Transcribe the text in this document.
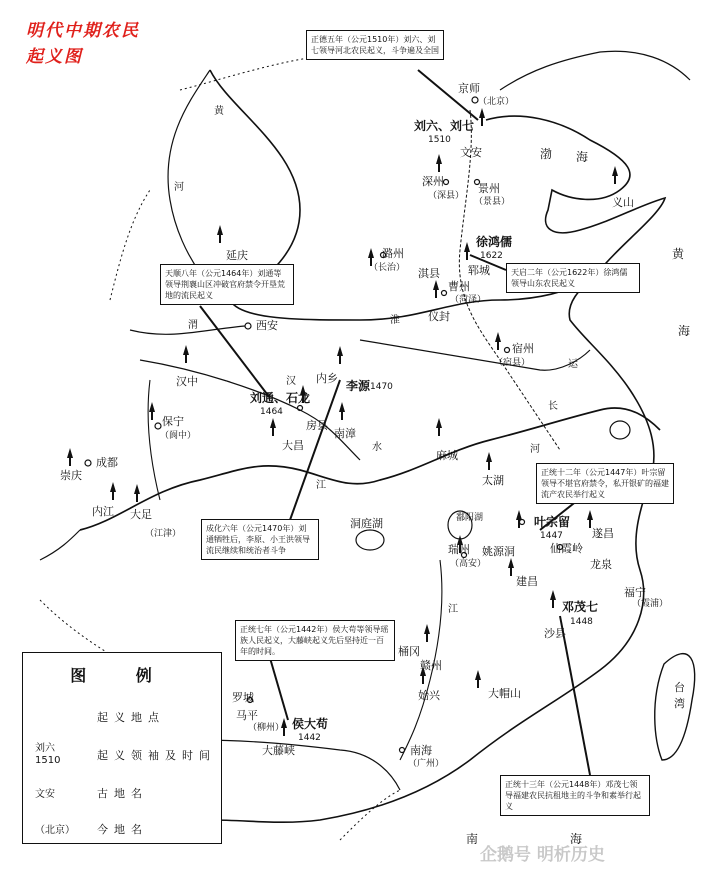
明代中期农民
起义图
正德五年（公元1510年）刘六、刘七领导河北农民起义，斗争遍及全国
天顺八年（公元1464年）刘通等领导荆襄山区冲破官府禁令开垦荒地的流民起义
天启二年（公元1622年）徐鸿儒领导山东农民起义
正统十二年（公元1447年）叶宗留领导不堪官府禁令，私开银矿的福建流产农民举行起义
成化六年（公元1470年）刘通牺牲后，李原、小王洪领导流民继续和统治者斗争
正统七年（公元1442年）侯大苟等领导瑶族人民起义，大藤峡起义先后坚持近一百年的时间。
正统十三年（公元1448年）邓茂七领导福建农民抗租地主的斗争和素举行起义
刘六、刘七
1510
徐鸿儒
1622
李源 1470
刘通、石龙
1464
叶宗留
1447
邓茂七
1448
侯大苟
1442
京师
（北京）
文安
深州
（深县）
景州
（景县）	义山
延庆	潞州
（长治） 淇县
曹州
（菏泽）
郓城
仪封
宿州
（宿县）
西安
内乡
汉中
房县
南漳
大昌
保宁
（阆中）
成都
崇庆
内江 大足
（江津）
麻城
太湖
仙霞岭
遂昌
龙泉
瑞州
（高安）
姚源洞
建昌
福宁
（霞浦）
沙县
桶冈
赣州
始兴	大帽山
罗城
马平
（柳州）
大藤峡	南海
（广州）
洞庭湖	鄱阳湖
台湾
渤 海
黄
海
南	海
黄
河
渭
长
江
淮
汉
水
运
河
江
图 例
起义地点
刘六 1510	起义领袖及时间
文安	古地名
（北京） 今地名
企鹅号 明析历史
